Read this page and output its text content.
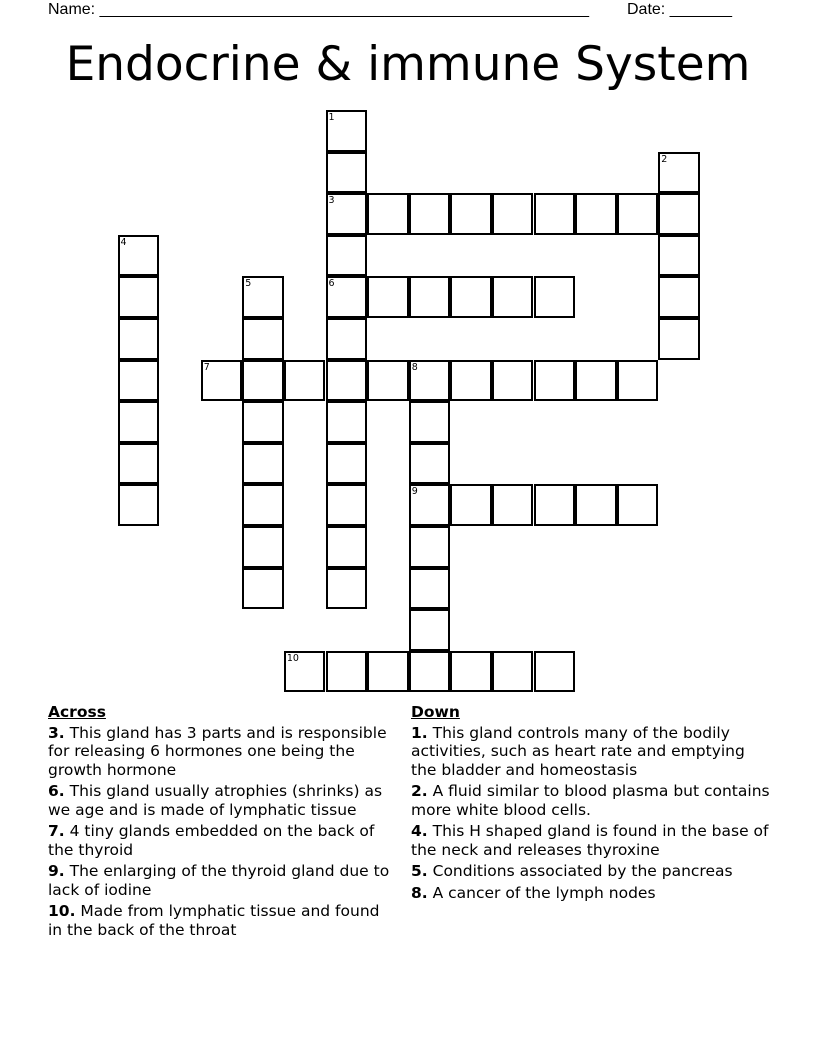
Name: _______________________________________________________ Date: _______
Endocrine & immune System
1
3
6
2
4
5
7	8
9
10
Across
3. This gland has 3 parts and is responsible for releasing 6 hormones one being the growth hormone
6. This gland usually atrophies (shrinks) as we age and is made of lymphatic tissue
7. 4 tiny glands embedded on the back of the thyroid
9. The enlarging of the thyroid gland due to lack of iodine
10. Made from lymphatic tissue and found in the back of the throat
Down
1. This gland controls many of the bodily activities, such as heart rate and emptying the bladder and homeostasis
2. A fluid similar to blood plasma but contains more white blood cells.
4. This H shaped gland is found in the base of the neck and releases thyroxine
5. Conditions associated by the pancreas
8. A cancer of the lymph nodes
